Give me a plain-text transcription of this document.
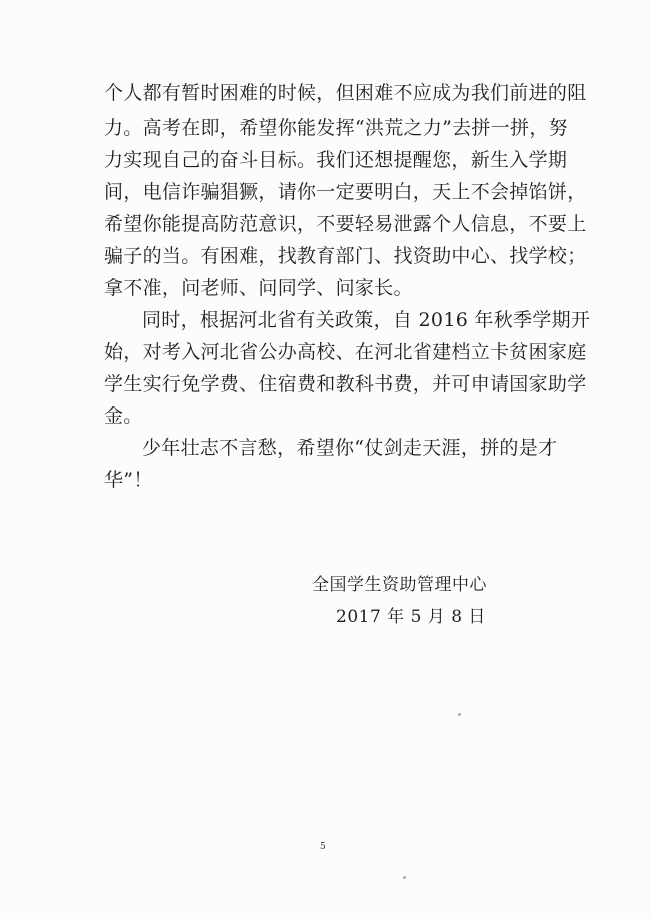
个人都有暂时困难的时候，但困难不应成为我们前进的阻
力。高考在即，希望你能发挥“洪荒之力”去拼一拼，努
力实现自己的奋斗目标。我们还想提醒您，新生入学期
间，电信诈骗猖獗，请你一定要明白，天上不会掉馅饼，
希望你能提高防范意识，不要轻易泄露个人信息，不要上
骗子的当。有困难，找教育部门、找资助中心、找学校；
拿不准，问老师、问同学、问家长。
同时，根据河北省有关政策，自 2016 年秋季学期开
始，对考入河北省公办高校、在河北省建档立卡贫困家庭
学生实行免学费、住宿费和教科书费，并可申请国家助学
金。
少年壮志不言愁，希望你“仗剑走天涯，拼的是才
华”！
全国学生资助管理中心
2017 年 5 月 8 日
5
